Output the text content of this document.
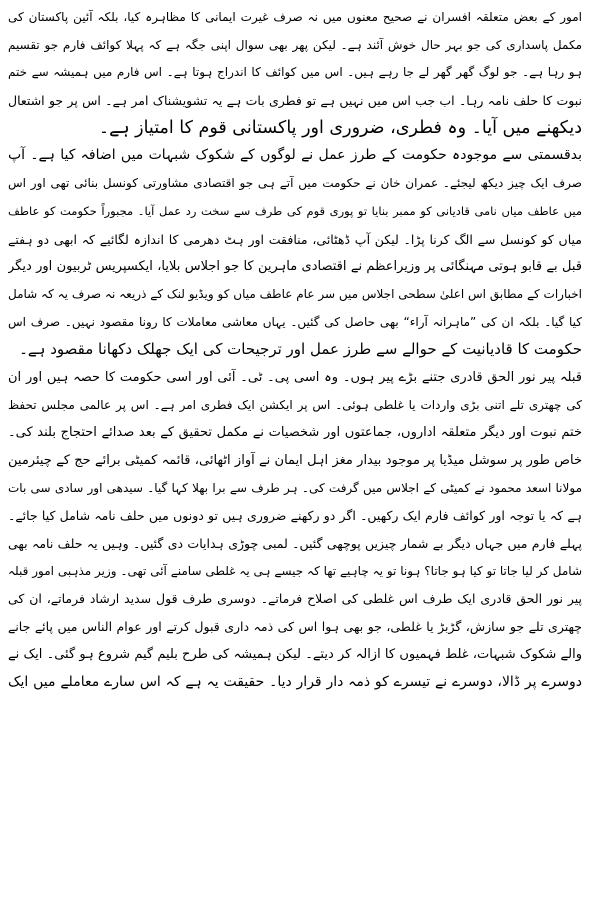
امور کے بعض متعلقہ افسران نے صحیح معنوں میں نہ صرف غیرت ایمانی کا مظاہرہ کیا، بلکہ آئین پاکستان کی
مکمل پاسداری کی جو بہر حال خوش آئند ہے۔ لیکن پھر بھی سوال اپنی جگہ ہے کہ پہلا کوائف فارم جو تقسیم
ہو رہا ہے۔ جو لوگ گھر گھر لے جا رہے ہیں۔ اس میں کوائف کا اندراج ہوتا ہے۔ اس فارم میں ہمیشہ سے ختم
نبوت کا حلف نامہ رہا۔ اب جب اس میں نہیں ہے تو فطری بات ہے یہ تشویشناک امر ہے۔ اس پر جو اشتعال
دیکھنے میں آیا۔ وہ فطری، ضروری اور پاکستانی قوم کا امتیاز ہے۔
بدقسمتی سے موجودہ حکومت کے طرز عمل نے لوگوں کے شکوک شبہات میں اضافہ کیا ہے۔ آپ
صرف ایک چیز دیکھ لیجئے۔ عمران خان نے حکومت میں آتے ہی جو اقتصادی مشاورتی کونسل بنائی تھی اور اس
میں عاطف میاں نامی قادیانی کو ممبر بنایا تو پوری قوم کی طرف سے سخت رد عمل آیا۔ مجبوراً حکومت کو عاطف
میاں کو کونسل سے الگ کرنا پڑا۔ لیکن آپ ڈھٹائی، منافقت اور ہٹ دھرمی کا اندازہ لگائیے کہ ابھی دو ہفتے
قبل بے قابو ہوتی مہنگائی پر وزیراعظم نے اقتصادی ماہرین کا جو اجلاس بلایا، ایکسپریس ٹربیون اور دیگر
اخبارات کے مطابق اس اعلیٰ سطحی اجلاس میں سر عام عاطف میاں کو ویڈیو لنک کے ذریعہ نہ صرف یہ کہ شامل
کیا گیا۔ بلکہ ان کی ”ماہرانہ آراء“ بھی حاصل کی گئیں۔ یہاں معاشی معاملات کا رونا مقصود نہیں۔ صرف اس
حکومت کا قادیانیت کے حوالے سے طرز عمل اور ترجیحات کی ایک جھلک دکھانا مقصود ہے۔
قبلہ پیر نور الحق قادری جتنے بڑے پیر ہوں۔ وہ اسی پی۔ ٹی۔ آئی اور اسی حکومت کا حصہ ہیں اور ان
کی چھتری تلے اتنی بڑی واردات یا غلطی ہوئی۔ اس پر ایکشن ایک فطری امر ہے۔ اس پر عالمی مجلس تحفظ
ختم نبوت اور دیگر متعلقہ اداروں، جماعتوں اور شخصیات نے مکمل تحقیق کے بعد صدائے احتجاج بلند کی۔
خاص طور پر سوشل میڈیا پر موجود بیدار مغز اہل ایمان نے آواز اٹھائی، قائمہ کمیٹی برائے حج کے چیئرمین
مولانا اسعد محمود نے کمیٹی کے اجلاس میں گرفت کی۔ ہر طرف سے برا بھلا کہا گیا۔ سیدھی اور سادی سی بات
ہے کہ یا توجہ اور کوائف فارم ایک رکھیں۔ اگر دو رکھنے ضروری ہیں تو دونوں میں حلف نامہ شامل کیا جائے۔
پہلے فارم میں جہاں دیگر بے شمار چیزیں پوچھی گئیں۔ لمبی چوڑی ہدایات دی گئیں۔ وہیں یہ حلف نامہ بھی
شامل کر لیا جاتا تو کیا ہو جاتا؟ ہونا تو یہ چاہیے تھا کہ جیسے ہی یہ غلطی سامنے آئی تھی۔ وزیر مذہبی امور قبلہ
پیر نور الحق قادری ایک طرف اس غلطی کی اصلاح فرماتے۔ دوسری طرف قول سدید ارشاد فرماتے، ان کی
چھتری تلے جو سازش، گڑبڑ یا غلطی، جو بھی ہوا اس کی ذمہ داری قبول کرتے اور عوام الناس میں پائے جانے
والے شکوک شبہات، غلط فہمیوں کا ازالہ کر دیتے۔ لیکن ہمیشہ کی طرح بلیم گیم شروع ہو گئی۔ ایک نے
دوسرے پر ڈالا، دوسرے نے تیسرے کو ذمہ دار قرار دیا۔ حقیقت یہ ہے کہ اس سارے معاملے میں ایک
